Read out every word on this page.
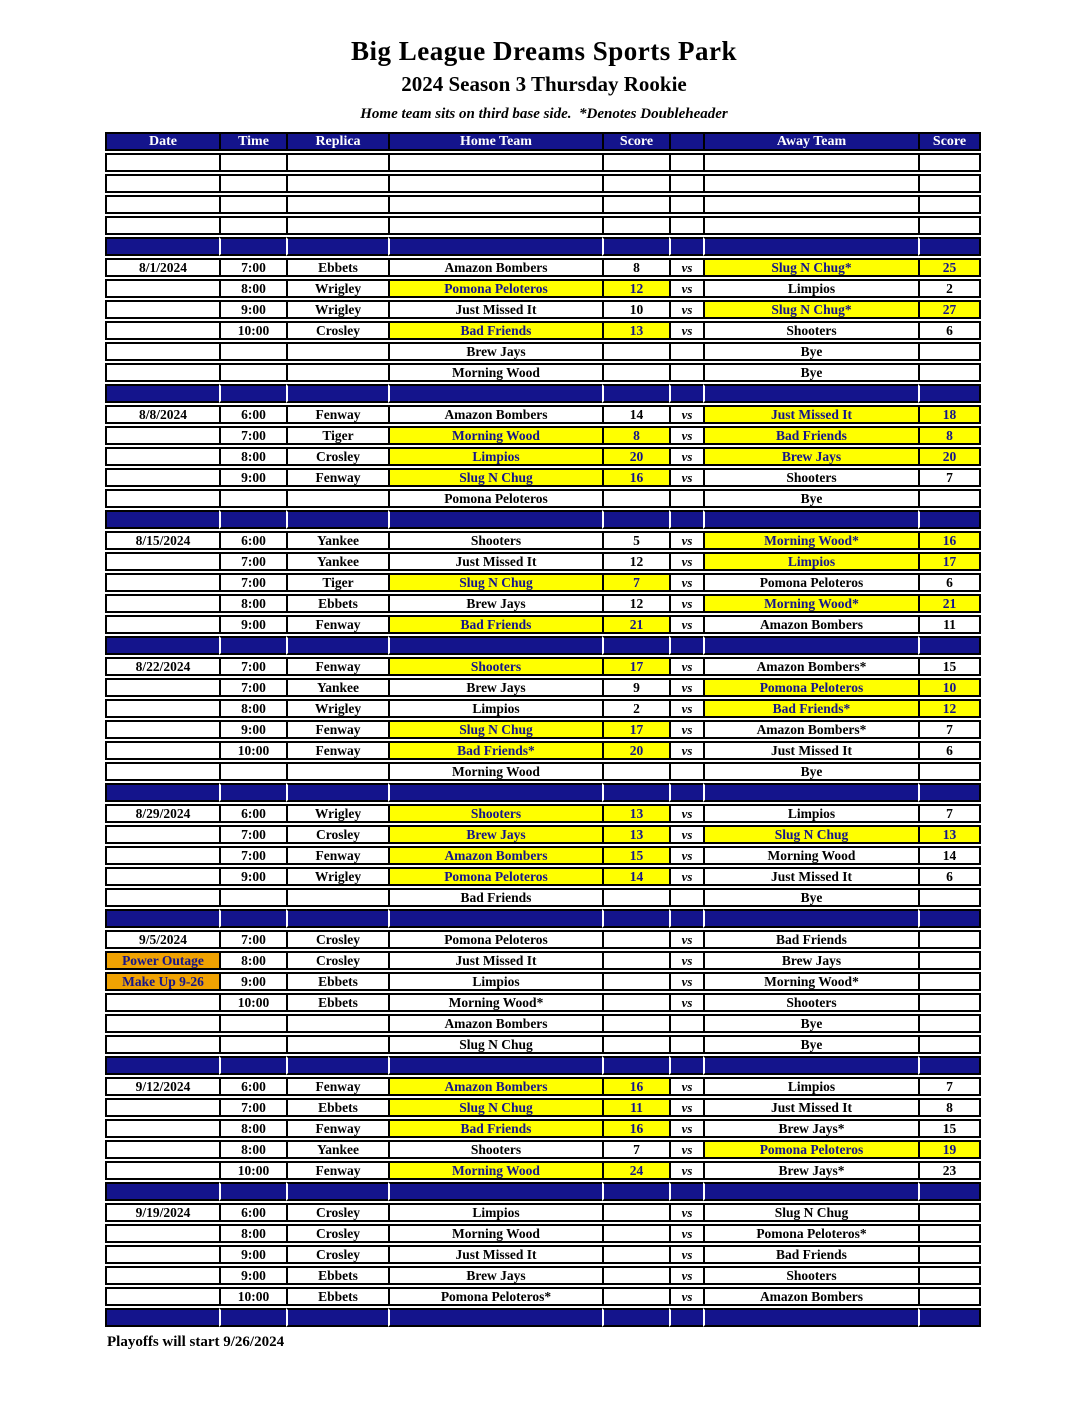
Big League Dreams Sports Park
2024 Season 3 Thursday Rookie
Home team sits on third base side.  *Denotes Doubleheader
Date	Time	Replica	Home Team	Score		Away Team	Score

8/1/2024	7:00	Ebbets	Amazon Bombers	8	vs	Slug N Chug*	25
	8:00	Wrigley	Pomona Peloteros	12	vs	Limpios	2
	9:00	Wrigley	Just Missed It	10	vs	Slug N Chug*	27
	10:00	Crosley	Bad Friends	13	vs	Shooters	6
			Brew Jays			Bye	
			Morning Wood			Bye	

8/8/2024	6:00	Fenway	Amazon Bombers	14	vs	Just Missed It	18
	7:00	Tiger	Morning Wood	8	vs	Bad Friends	8
	8:00	Crosley	Limpios	20	vs	Brew Jays	20
	9:00	Fenway	Slug N Chug	16	vs	Shooters	7
			Pomona Peloteros			Bye	

8/15/2024	6:00	Yankee	Shooters	5	vs	Morning Wood*	16
	7:00	Yankee	Just Missed It	12	vs	Limpios	17
	7:00	Tiger	Slug N Chug	7	vs	Pomona Peloteros	6
	8:00	Ebbets	Brew Jays	12	vs	Morning Wood*	21
	9:00	Fenway	Bad Friends	21	vs	Amazon Bombers	11

8/22/2024	7:00	Fenway	Shooters	17	vs	Amazon Bombers*	15
	7:00	Yankee	Brew Jays	9	vs	Pomona Peloteros	10
	8:00	Wrigley	Limpios	2	vs	Bad Friends*	12
	9:00	Fenway	Slug N Chug	17	vs	Amazon Bombers*	7
	10:00	Fenway	Bad Friends*	20	vs	Just Missed It	6
			Morning Wood			Bye	

8/29/2024	6:00	Wrigley	Shooters	13	vs	Limpios	7
	7:00	Crosley	Brew Jays	13	vs	Slug N Chug	13
	7:00	Fenway	Amazon Bombers	15	vs	Morning Wood	14
	9:00	Wrigley	Pomona Peloteros	14	vs	Just Missed It	6
			Bad Friends			Bye	

9/5/2024	7:00	Crosley	Pomona Peloteros		vs	Bad Friends	
Power Outage	8:00	Crosley	Just Missed It		vs	Brew Jays	
Make Up 9-26	9:00	Ebbets	Limpios		vs	Morning Wood*	
	10:00	Ebbets	Morning Wood*		vs	Shooters	
			Amazon Bombers			Bye	
			Slug N Chug			Bye	

9/12/2024	6:00	Fenway	Amazon Bombers	16	vs	Limpios	7
	7:00	Ebbets	Slug N Chug	11	vs	Just Missed It	8
	8:00	Fenway	Bad Friends	16	vs	Brew Jays*	15
	8:00	Yankee	Shooters	7	vs	Pomona Peloteros	19
	10:00	Fenway	Morning Wood	24	vs	Brew Jays*	23

9/19/2024	6:00	Crosley	Limpios		vs	Slug N Chug	
	8:00	Crosley	Morning Wood		vs	Pomona Peloteros*	
	9:00	Crosley	Just Missed It		vs	Bad Friends	
	9:00	Ebbets	Brew Jays		vs	Shooters	
	10:00	Ebbets	Pomona Peloteros*		vs	Amazon Bombers	

Playoffs will start 9/26/2024
